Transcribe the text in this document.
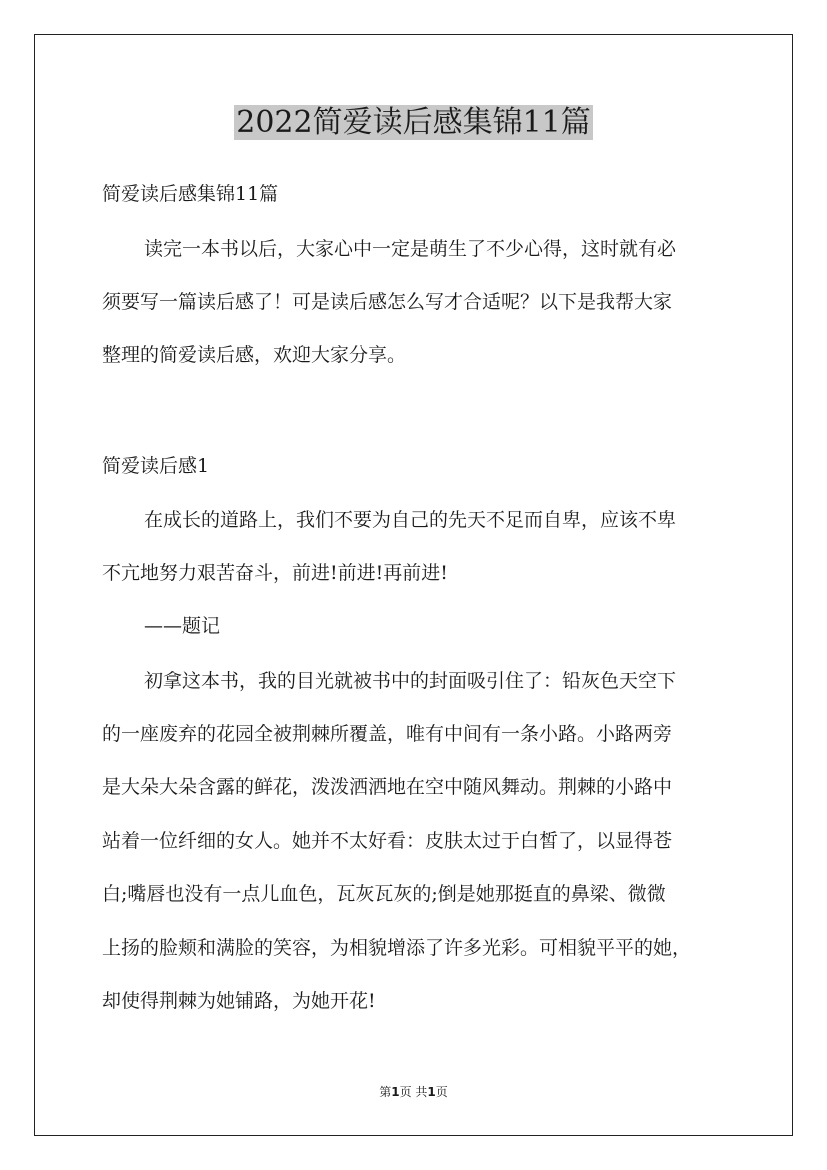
2022简爱读后感集锦11篇

简爱读后感集锦11篇

读完一本书以后，大家心中一定是萌生了不少心得，这时就有必

须要写一篇读后感了！可是读后感怎么写才合适呢？以下是我帮大家

整理的简爱读后感，欢迎大家分享。

简爱读后感1

在成长的道路上，我们不要为自己的先天不足而自卑，应该不卑

不亢地努力艰苦奋斗，前进!前进!再前进!

——题记

初拿这本书，我的目光就被书中的封面吸引住了：铅灰色天空下

的一座废弃的花园全被荆棘所覆盖，唯有中间有一条小路。小路两旁

是大朵大朵含露的鲜花，泼泼洒洒地在空中随风舞动。荆棘的小路中

站着一位纤细的女人。她并不太好看：皮肤太过于白皙了，以显得苍

白;嘴唇也没有一点儿血色，瓦灰瓦灰的;倒是她那挺直的鼻梁、微微

上扬的脸颊和满脸的笑容，为相貌增添了许多光彩。可相貌平平的她，

却使得荆棘为她铺路，为她开花!

第1页 共1页
